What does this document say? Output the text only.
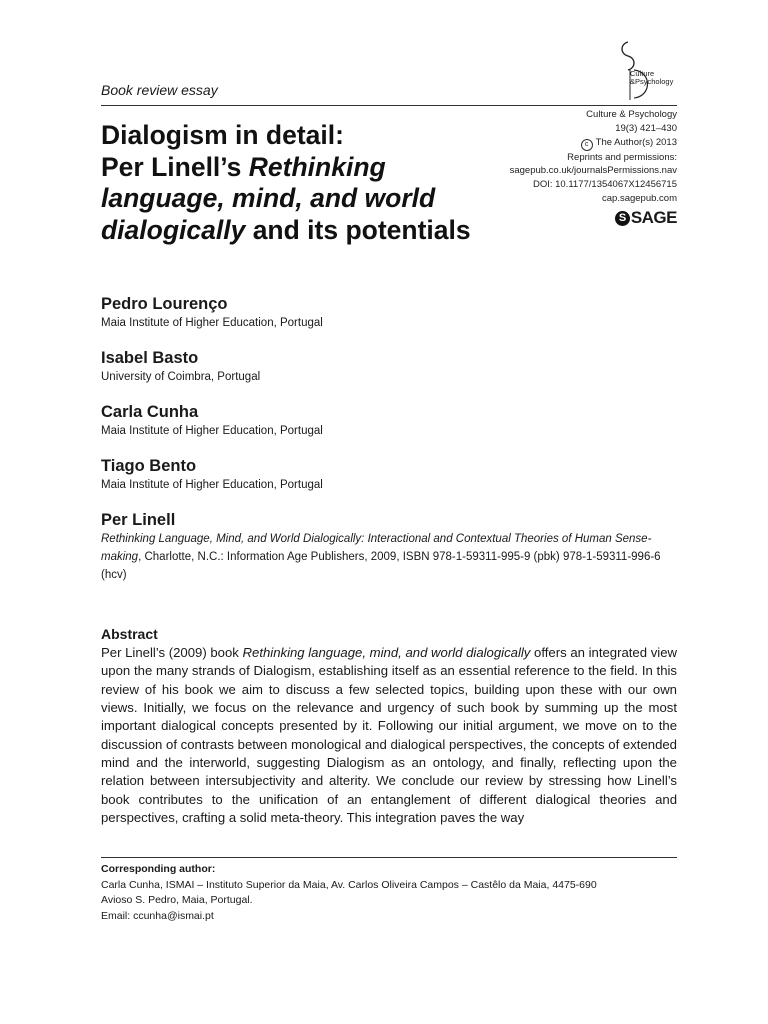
Culture
&Psychology
Book review essay
Culture & Psychology
19(3) 421–430
c The Author(s) 2013
Reprints and permissions:
sagepub.co.uk/journalsPermissions.nav
DOI: 10.1177/1354067X12456715
cap.sagepub.com
S SAGE
Dialogism in detail:
Per Linell’s Rethinking language, mind, and world dialogically and its potentials
Pedro Lourenço
Maia Institute of Higher Education, Portugal
Isabel Basto
University of Coimbra, Portugal
Carla Cunha
Maia Institute of Higher Education, Portugal
Tiago Bento
Maia Institute of Higher Education, Portugal
Per Linell
Rethinking Language, Mind, and World Dialogically: Interactional and Contextual Theories of Human Sense-making, Charlotte, N.C.: Information Age Publishers, 2009, ISBN 978-1-59311-995-9 (pbk) 978-1-59311-996-6 (hcv)
Abstract
Per Linell’s (2009) book Rethinking language, mind, and world dialogically offers an integrated view upon the many strands of Dialogism, establishing itself as an essential reference to the field. In this review of his book we aim to discuss a few selected topics, building upon these with our own views. Initially, we focus on the relevance and urgency of such book by summing up the most important dialogical concepts presented by it. Following our initial argument, we move on to the discussion of contrasts between monological and dialogical perspectives, the concepts of extended mind and the interworld, suggesting Dialogism as an ontology, and finally, reflecting upon the relation between intersubjectivity and alterity. We conclude our review by stressing how Linell’s book contributes to the unification of an entanglement of different dialogical theories and perspectives, crafting a solid meta-theory. This integration paves the way
Corresponding author:
Carla Cunha, ISMAI – Instituto Superior da Maia, Av. Carlos Oliveira Campos – Castêlo da Maia, 4475-690
Avioso S. Pedro, Maia, Portugal.
Email: ccunha@ismai.pt
